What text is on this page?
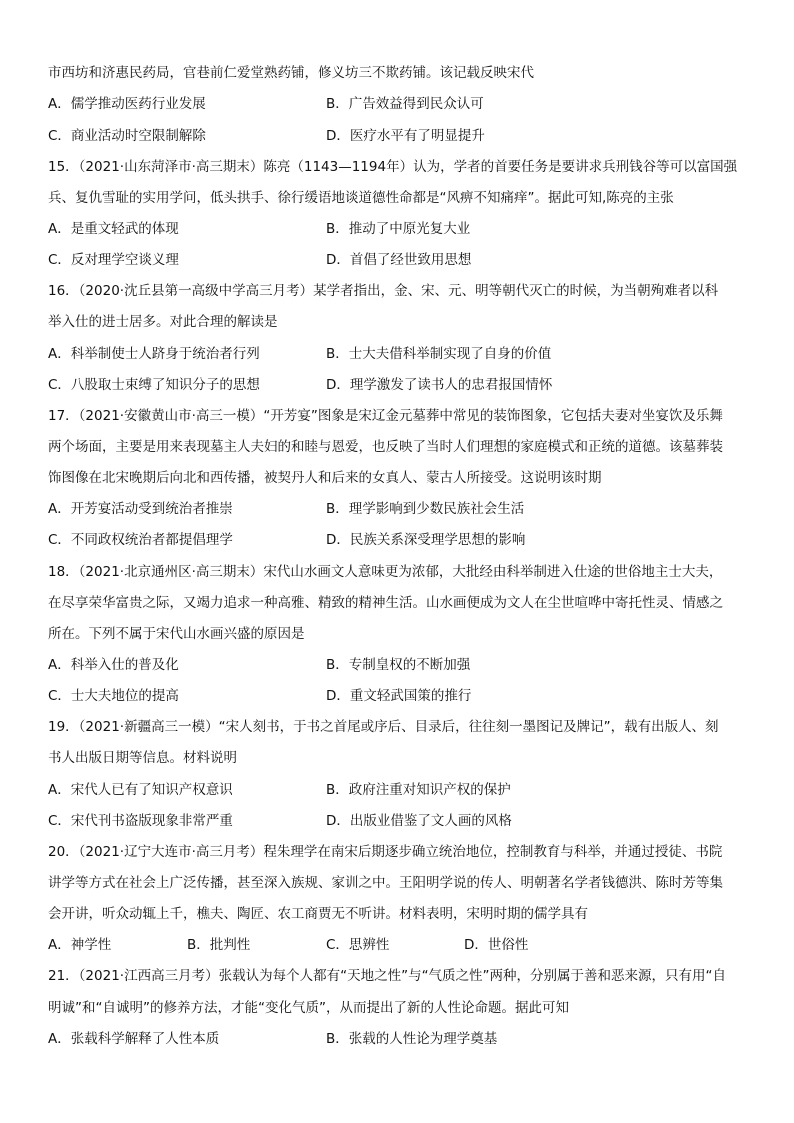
市西坊和济惠民药局，官巷前仁爱堂熟药铺，修义坊三不欺药铺。该记载反映宋代
A．儒学推动医药行业发展	B．广告效益得到民众认可
C．商业活动时空限制解除	D．医疗水平有了明显提升
15．（2021·山东菏泽市·高三期末）陈亮（1143—1194年）认为，学者的首要任务是要讲求兵刑钱谷等可以富国强
兵、复仇雪耻的实用学问，低头拱手、徐行缓语地谈道德性命都是“风痹不知痛痒”。据此可知,陈亮的主张
A．是重文轻武的体现	B．推动了中原光复大业
C．反对理学空谈义理	D．首倡了经世致用思想
16．（2020·沈丘县第一高级中学高三月考）某学者指出，金、宋、元、明等朝代灭亡的时候，为当朝殉难者以科
举入仕的进士居多。对此合理的解读是
A．科举制使士人跻身于统治者行列	B．士大夫借科举制实现了自身的价值
C．八股取士束缚了知识分子的思想	D．理学激发了读书人的忠君报国情怀
17．（2021·安徽黄山市·高三一模）“开芳宴”图象是宋辽金元墓葬中常见的装饰图象，它包括夫妻对坐宴饮及乐舞
两个场面，主要是用来表现墓主人夫妇的和睦与恩爱，也反映了当时人们理想的家庭模式和正统的道德。该墓葬装
饰图像在北宋晚期后向北和西传播，被契丹人和后来的女真人、蒙古人所接受。这说明该时期
A．开芳宴活动受到统治者推崇	B．理学影响到少数民族社会生活
C．不同政权统治者都提倡理学	D．民族关系深受理学思想的影响
18．（2021·北京通州区·高三期末）宋代山水画文人意味更为浓郁，大批经由科举制进入仕途的世俗地主士大夫，
在尽享荣华富贵之际，又竭力追求一种高雅、精致的精神生活。山水画便成为文人在尘世喧哗中寄托性灵、情感之
所在。下列不属于宋代山水画兴盛的原因是
A．科举入仕的普及化	B．专制皇权的不断加强
C．士大夫地位的提高	D．重文轻武国策的推行
19．（2021·新疆高三一模）“宋人刻书，于书之首尾或序后、目录后，往往刻一墨图记及牌记”，载有出版人、刻
书人出版日期等信息。材料说明
A．宋代人已有了知识产权意识	B．政府注重对知识产权的保护
C．宋代刊书盗版现象非常严重	D．出版业借鉴了文人画的风格
20．（2021·辽宁大连市·高三月考）程朱理学在南宋后期逐步确立统治地位，控制教育与科举，并通过授徒、书院
讲学等方式在社会上广泛传播，甚至深入族规、家训之中。王阳明学说的传人、明朝著名学者钱德洪、陈时芳等集
会开讲，听众动辄上千，樵夫、陶匠、农工商贾无不听讲。材料表明，宋明时期的儒学具有
A．神学性	B．批判性	C．思辨性	D．世俗性
21．（2021·江西高三月考）张载认为每个人都有“天地之性”与“气质之性”两种，分别属于善和恶来源，只有用“自
明诚”和“自诚明”的修养方法，才能“变化气质”，从而提出了新的人性论命题。据此可知
A．张载科学解释了人性本质	B．张载的人性论为理学奠基
